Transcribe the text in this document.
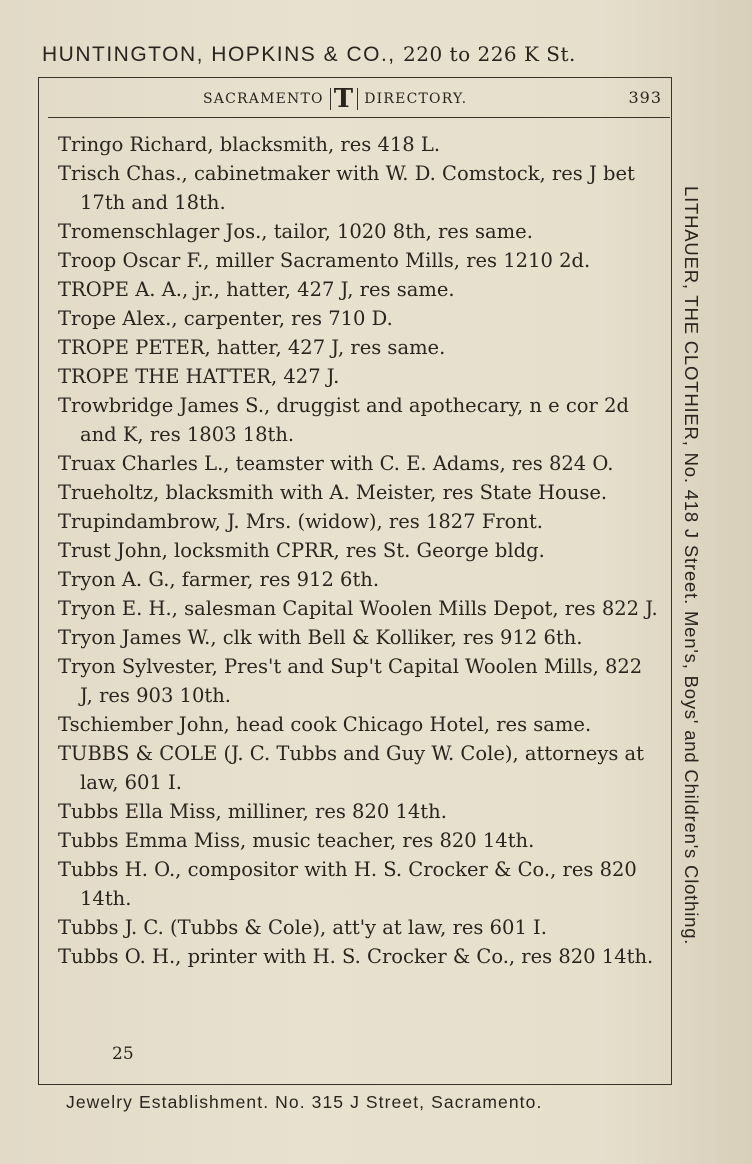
HUNTINGTON, HOPKINS & CO., 220 to 226 K St.
SACRAMENTO T DIRECTORY.	393
Tringo Richard, blacksmith, res 418 L.
Trisch Chas., cabinetmaker with W. D. Comstock, res J bet 17th and 18th.
Tromenschlager Jos., tailor, 1020 8th, res same.
Troop Oscar F., miller Sacramento Mills, res 1210 2d.
TROPE A. A., jr., hatter, 427 J, res same.
Trope Alex., carpenter, res 710 D.
TROPE PETER, hatter, 427 J, res same.
TROPE THE HATTER, 427 J.
Trowbridge James S., druggist and apothecary, n e cor 2d and K, res 1803 18th.
Truax Charles L., teamster with C. E. Adams, res 824 O.
Trueholtz, blacksmith with A. Meister, res State House.
Trupindambrow, J. Mrs. (widow), res 1827 Front.
Trust John, locksmith CPRR, res St. George bldg.
Tryon A. G., farmer, res 912 6th.
Tryon E. H., salesman Capital Woolen Mills Depot, res 822 J.
Tryon James W., clk with Bell & Kolliker, res 912 6th.
Tryon Sylvester, Pres't and Sup't Capital Woolen Mills, 822 J, res 903 10th.
Tschiember John, head cook Chicago Hotel, res same.
TUBBS & COLE (J. C. Tubbs and Guy W. Cole), attorneys at law, 601 I.
Tubbs Ella Miss, milliner, res 820 14th.
Tubbs Emma Miss, music teacher, res 820 14th.
Tubbs H. O., compositor with H. S. Crocker & Co., res 820 14th.
Tubbs J. C. (Tubbs & Cole), att'y at law, res 601 I.
Tubbs O. H., printer with H. S. Crocker & Co., res 820 14th.
25
Jewelry Establishment. No. 315 J Street, Sacramento.
LITHAUER, THE CLOTHIER, No. 418 J Street. Men's, Boys' and Children's Clothing.
